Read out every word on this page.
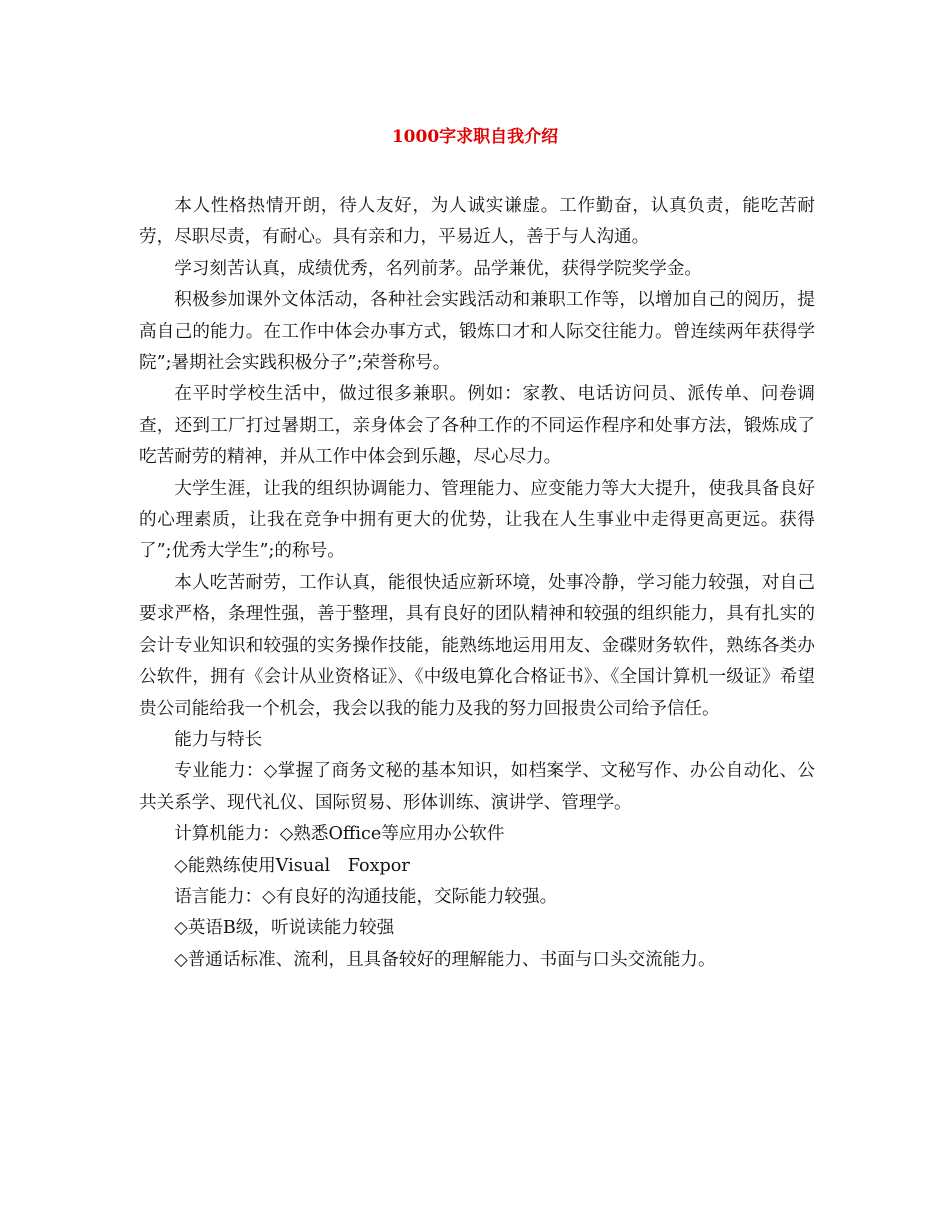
1000字求职自我介绍

本人性格热情开朗，待人友好，为人诚实谦虚。工作勤奋，认真负责，能吃苦耐劳，尽职尽责，有耐心。具有亲和力，平易近人，善于与人沟通。

学习刻苦认真，成绩优秀，名列前茅。品学兼优，获得学院奖学金。

积极参加课外文体活动，各种社会实践活动和兼职工作等，以增加自己的阅历，提高自己的能力。在工作中体会办事方式，锻炼口才和人际交往能力。曾连续两年获得学院”;暑期社会实践积极分子”;荣誉称号。

在平时学校生活中，做过很多兼职。例如：家教、电话访问员、派传单、问卷调查，还到工厂打过暑期工，亲身体会了各种工作的不同运作程序和处事方法，锻炼成了吃苦耐劳的精神，并从工作中体会到乐趣，尽心尽力。

大学生涯，让我的组织协调能力、管理能力、应变能力等大大提升，使我具备良好的心理素质，让我在竞争中拥有更大的优势，让我在人生事业中走得更高更远。获得了”;优秀大学生”;的称号。

本人吃苦耐劳，工作认真，能很快适应新环境，处事冷静，学习能力较强，对自己要求严格，条理性强，善于整理，具有良好的团队精神和较强的组织能力，具有扎实的会计专业知识和较强的实务操作技能，能熟练地运用用友、金碟财务软件，熟练各类办公软件，拥有《会计从业资格证》、《中级电算化合格证书》、《全国计算机一级证》希望贵公司能给我一个机会，我会以我的能力及我的努力回报贵公司给予信任。

能力与特长

专业能力：◇掌握了商务文秘的基本知识，如档案学、文秘写作、办公自动化、公共关系学、现代礼仪、国际贸易、形体训练、演讲学、管理学。

计算机能力：◇熟悉Office等应用办公软件

◇能熟练使用Visual　Foxpor

语言能力：◇有良好的沟通技能，交际能力较强。

◇英语B级，听说读能力较强

◇普通话标准、流利，且具备较好的理解能力、书面与口头交流能力。
